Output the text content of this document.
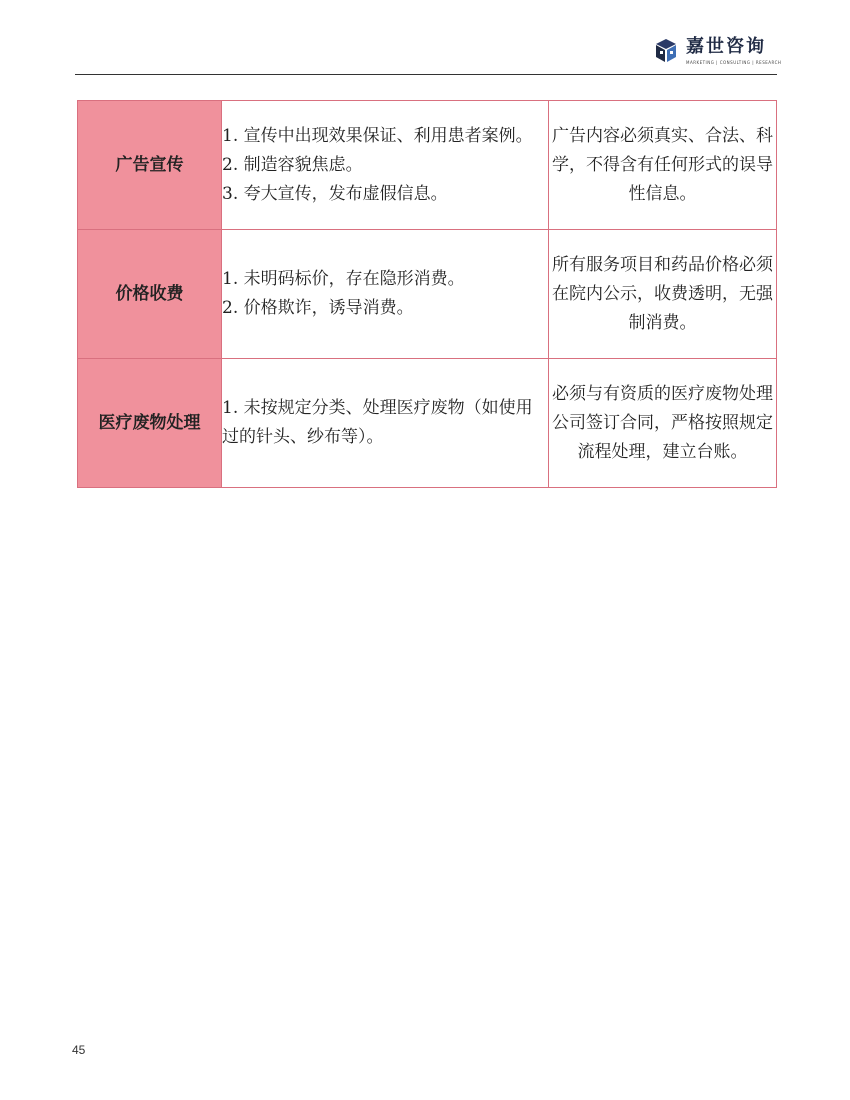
嘉世咨询
MARKETING | CONSULTING | RESEARCH
广告宣传	1. 宣传中出现效果保证、利用患者案例。
2. 制造容貌焦虑。
3. 夸大宣传，发布虚假信息。	广告内容必须真实、合法、科学，不得含有任何形式的误导性信息。
价格收费	1. 未明码标价，存在隐形消费。
2. 价格欺诈，诱导消费。	所有服务项目和药品价格必须在院内公示，收费透明，无强制消费。
医疗废物处理	1. 未按规定分类、处理医疗废物（如使用过的针头、纱布等）。	必须与有资质的医疗废物处理公司签订合同，严格按照规定流程处理，建立台账。
45
